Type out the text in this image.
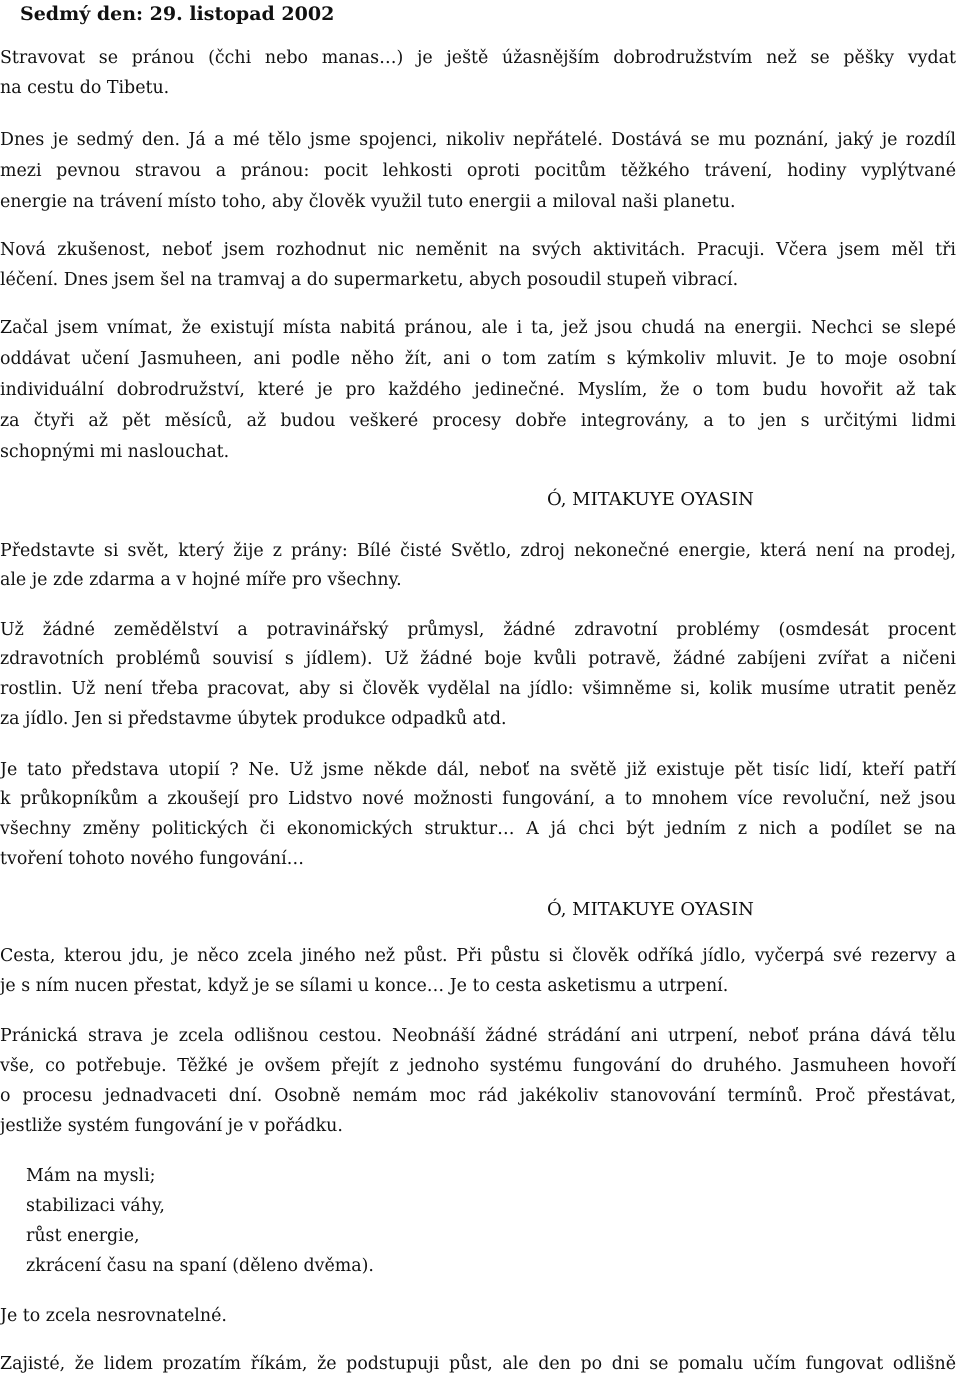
Sedmý den: 29. listopad 2002
Stravovat se pránou (čchi nebo manas…) je ještě úžasnějším dobrodružstvím než se pěšky vydat
na cestu do Tibetu.
Dnes je sedmý den. Já a mé tělo jsme spojenci, nikoliv nepřátelé. Dostává se mu poznání, jaký je rozdíl
mezi pevnou stravou a pránou: pocit lehkosti oproti pocitům těžkého trávení, hodiny vyplýtvané
energie na trávení místo toho, aby člověk využil tuto energii a miloval naši planetu.
Nová zkušenost, neboť jsem rozhodnut nic neměnit na svých aktivitách. Pracuji. Včera jsem měl tři
léčení. Dnes jsem šel na tramvaj a do supermarketu, abych posoudil stupeň vibrací.
Začal jsem vnímat, že existují místa nabitá pránou, ale i ta, jež jsou chudá na energii. Nechci se slepé
oddávat učení Jasmuheen, ani podle něho žít, ani o tom zatím s kýmkoliv mluvit. Je to moje osobní
individuální dobrodružství, které je pro každého jedinečné. Myslím, že o tom budu hovořit až tak
za čtyři až pět měsíců, až budou veškeré procesy dobře integrovány, a to jen s určitými lidmi
schopnými mi naslouchat.
Ó, MITAKUYE OYASIN
Představte si svět, který žije z prány: Bílé čisté Světlo, zdroj nekonečné energie, která není na prodej,
ale je zde zdarma a v hojné míře pro všechny.
Už žádné zemědělství a potravinářský průmysl, žádné zdravotní problémy (osmdesát procent
zdravotních problémů souvisí s jídlem). Už žádné boje kvůli potravě, žádné zabíjeni zvířat a ničeni
rostlin. Už není třeba pracovat, aby si člověk vydělal na jídlo: všimněme si, kolik musíme utratit peněz
za jídlo. Jen si představme úbytek produkce odpadků atd.
Je tato představa utopií ? Ne. Už jsme někde dál, neboť na světě již existuje pět tisíc lidí, kteří patří
k průkopníkům a zkoušejí pro Lidstvo nové možnosti fungování, a to mnohem více revoluční, než jsou
všechny změny politických či ekonomických struktur… A já chci být jedním z nich a podílet se na
tvoření tohoto nového fungování…
Ó, MITAKUYE OYASIN
Cesta, kterou jdu, je něco zcela jiného než půst. Při půstu si člověk odříká jídlo, vyčerpá své rezervy a
je s ním nucen přestat, když je se sílami u konce… Je to cesta asketismu a utrpení.
Pránická strava je zcela odlišnou cestou. Neobnáší žádné strádání ani utrpení, neboť prána dává tělu
vše, co potřebuje. Těžké je ovšem přejít z jednoho systému fungování do druhého. Jasmuheen hovoří
o procesu jednadvaceti dní. Osobně nemám moc rád jakékoliv stanovování termínů. Proč přestávat,
jestliže systém fungování je v pořádku.
Mám na mysli;
stabilizaci váhy,
růst energie,
zkrácení času na spaní (děleno dvěma).
Je to zcela nesrovnatelné.
Zajisté, že lidem prozatím říkám, že podstupuji půst, ale den po dni se pomalu učím fungovat odlišně
